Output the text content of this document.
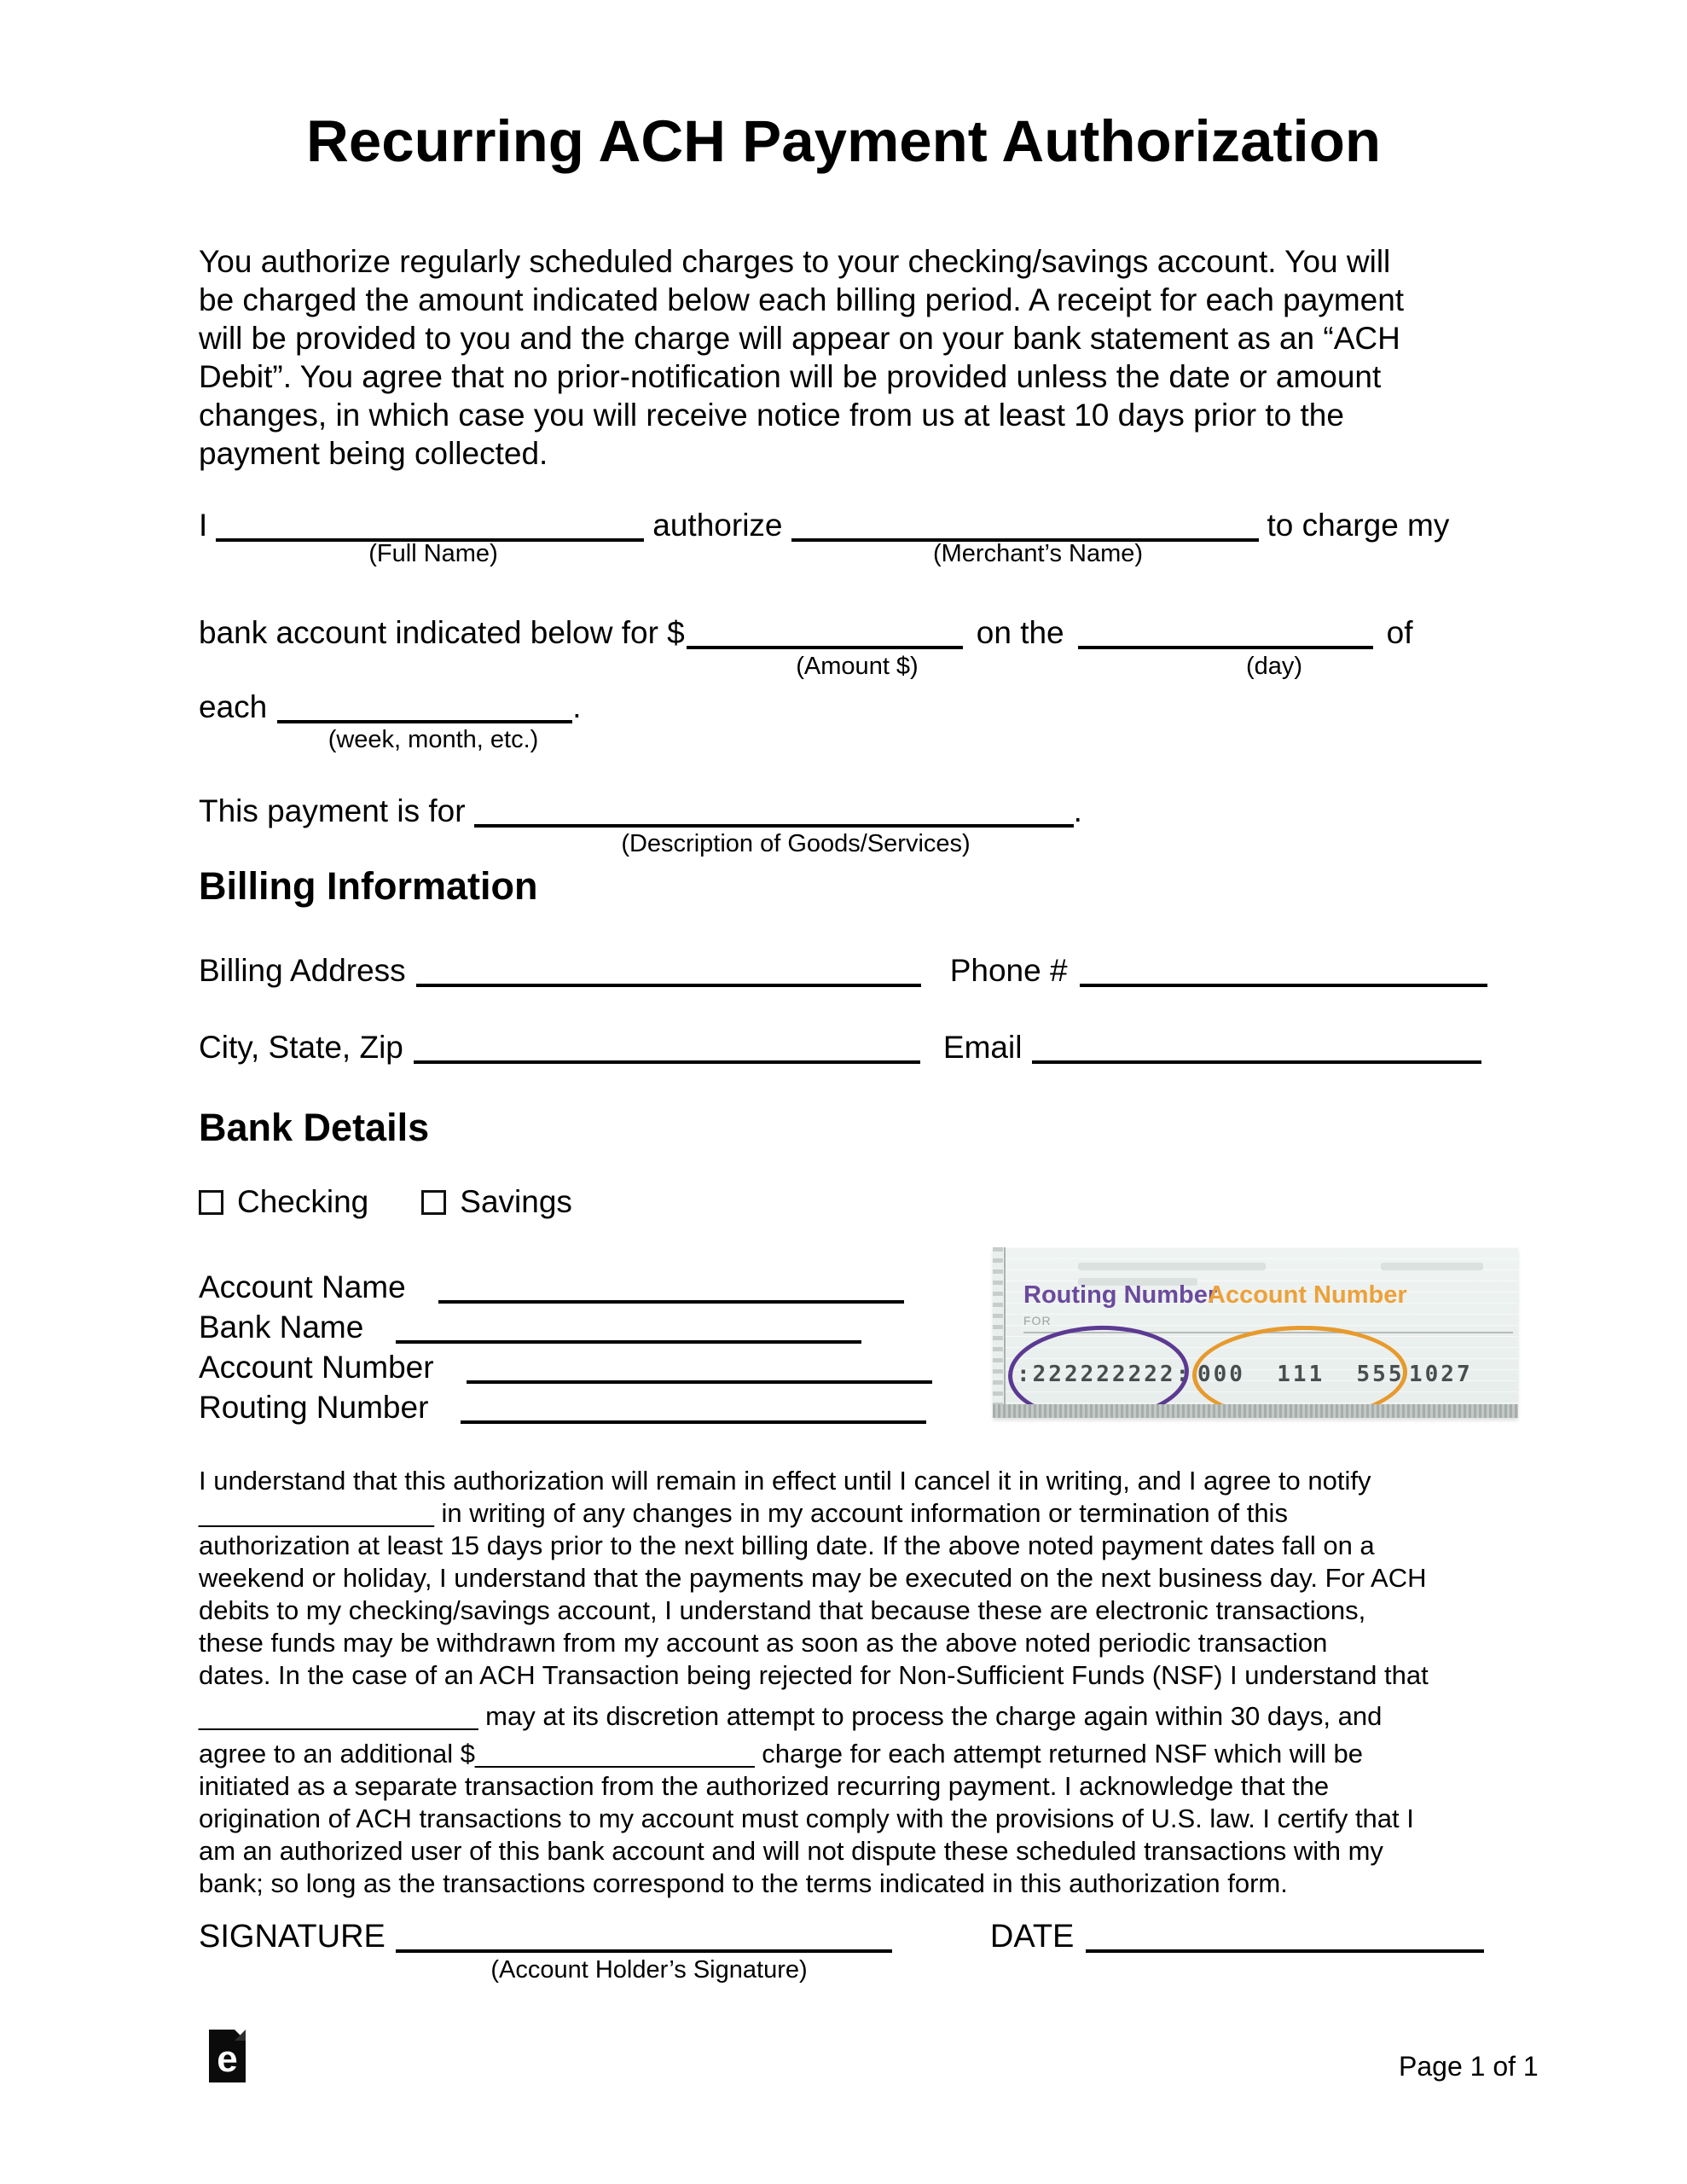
Recurring ACH Payment Authorization
You authorize regularly scheduled charges to your checking/savings account. You will
be charged the amount indicated below each billing period. A receipt for each payment
will be provided to you and the charge will appear on your bank statement as an “ACH
Debit”. You agree that no prior-notification will be provided unless the date or amount
changes, in which case you will receive notice from us at least 10 days prior to the
payment being collected.
I	authorize	to charge my
(Full Name)	(Merchant’s Name)
bank account indicated below for $	on the	of
(Amount $)	(day)
each	.
(week, month, etc.)
This payment is for	.
(Description of Goods/Services)
Billing Information
Billing Address	Phone #
City, State, Zip	Email
Bank Details
Checking	Savings
Account Name
Bank Name
Account Number
Routing Number
Routing Number
Account Number
FOR
:222222222: 000  111  555 1027
I understand that this authorization will remain in effect until I cancel it in writing, and I agree to notify
________________ in writing of any changes in my account information or termination of this
authorization at least 15 days prior to the next billing date. If the above noted payment dates fall on a
weekend or holiday, I understand that the payments may be executed on the next business day. For ACH
debits to my checking/savings account, I understand that because these are electronic transactions,
these funds may be withdrawn from my account as soon as the above noted periodic transaction
dates. In the case of an ACH Transaction being rejected for Non-Sufficient Funds (NSF) I understand that
___________________ may at its discretion attempt to process the charge again within 30 days, and
agree to an additional $___________________ charge for each attempt returned NSF which will be
initiated as a separate transaction from the authorized recurring payment. I acknowledge that the
origination of ACH transactions to my account must comply with the provisions of U.S. law. I certify that I
am an authorized user of this bank account and will not dispute these scheduled transactions with my
bank; so long as the transactions correspond to the terms indicated in this authorization form.
SIGNATURE	DATE
(Account Holder’s Signature)
e	Page 1 of 1
